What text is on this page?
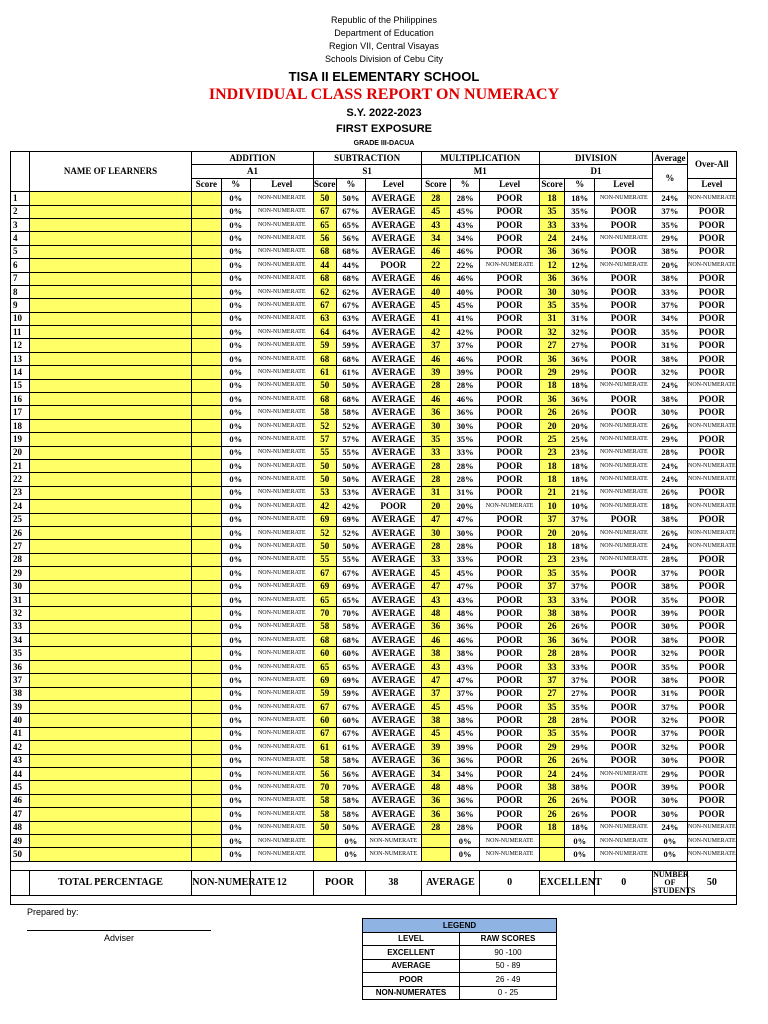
Republic of the Philippines
Department of Education
Region VII, Central Visayas
Schools Division of Cebu City
TISA II ELEMENTARY SCHOOL
INDIVIDUAL CLASS REPORT ON NUMERACY
S.Y. 2022-2023
FIRST EXPOSURE
GRADE III-DACUA
	NAME OF LEARNERS	ADDITION			SUBTRACTION			MULTIPLICATION			DIVISION			Average	Over-All
		A1			S1			M1			D1			%	
		Score	%	Level	Score	%	Level	Score	%	Level	Score	%	Level		Level
1			0%	NON-NUMERATE	50	50%	AVERAGE	28	28%	POOR	18	18%	NON-NUMERATE	24%	NON-NUMERATE
2			0%	NON-NUMERATE	67	67%	AVERAGE	45	45%	POOR	35	35%	POOR	37%	POOR
3			0%	NON-NUMERATE	65	65%	AVERAGE	43	43%	POOR	33	33%	POOR	35%	POOR
4			0%	NON-NUMERATE	56	56%	AVERAGE	34	34%	POOR	24	24%	NON-NUMERATE	29%	POOR
5			0%	NON-NUMERATE	68	68%	AVERAGE	46	46%	POOR	36	36%	POOR	38%	POOR
6			0%	NON-NUMERATE	44	44%	POOR	22	22%	NON-NUMERATE	12	12%	NON-NUMERATE	20%	NON-NUMERATE
7			0%	NON-NUMERATE	68	68%	AVERAGE	46	46%	POOR	36	36%	POOR	38%	POOR
8			0%	NON-NUMERATE	62	62%	AVERAGE	40	40%	POOR	30	30%	POOR	33%	POOR
9			0%	NON-NUMERATE	67	67%	AVERAGE	45	45%	POOR	35	35%	POOR	37%	POOR
10			0%	NON-NUMERATE	63	63%	AVERAGE	41	41%	POOR	31	31%	POOR	34%	POOR
11			0%	NON-NUMERATE	64	64%	AVERAGE	42	42%	POOR	32	32%	POOR	35%	POOR
12			0%	NON-NUMERATE	59	59%	AVERAGE	37	37%	POOR	27	27%	POOR	31%	POOR
13			0%	NON-NUMERATE	68	68%	AVERAGE	46	46%	POOR	36	36%	POOR	38%	POOR
14			0%	NON-NUMERATE	61	61%	AVERAGE	39	39%	POOR	29	29%	POOR	32%	POOR
15			0%	NON-NUMERATE	50	50%	AVERAGE	28	28%	POOR	18	18%	NON-NUMERATE	24%	NON-NUMERATE
16			0%	NON-NUMERATE	68	68%	AVERAGE	46	46%	POOR	36	36%	POOR	38%	POOR
17			0%	NON-NUMERATE	58	58%	AVERAGE	36	36%	POOR	26	26%	POOR	30%	POOR
18			0%	NON-NUMERATE	52	52%	AVERAGE	30	30%	POOR	20	20%	NON-NUMERATE	26%	NON-NUMERATE
19			0%	NON-NUMERATE	57	57%	AVERAGE	35	35%	POOR	25	25%	NON-NUMERATE	29%	POOR
20			0%	NON-NUMERATE	55	55%	AVERAGE	33	33%	POOR	23	23%	NON-NUMERATE	28%	POOR
21			0%	NON-NUMERATE	50	50%	AVERAGE	28	28%	POOR	18	18%	NON-NUMERATE	24%	NON-NUMERATE
22			0%	NON-NUMERATE	50	50%	AVERAGE	28	28%	POOR	18	18%	NON-NUMERATE	24%	NON-NUMERATE
23			0%	NON-NUMERATE	53	53%	AVERAGE	31	31%	POOR	21	21%	NON-NUMERATE	26%	POOR
24			0%	NON-NUMERATE	42	42%	POOR	20	20%	NON-NUMERATE	10	10%	NON-NUMERATE	18%	NON-NUMERATE
25			0%	NON-NUMERATE	69	69%	AVERAGE	47	47%	POOR	37	37%	POOR	38%	POOR
26			0%	NON-NUMERATE	52	52%	AVERAGE	30	30%	POOR	20	20%	NON-NUMERATE	26%	NON-NUMERATE
27			0%	NON-NUMERATE	50	50%	AVERAGE	28	28%	POOR	18	18%	NON-NUMERATE	24%	NON-NUMERATE
28			0%	NON-NUMERATE	55	55%	AVERAGE	33	33%	POOR	23	23%	NON-NUMERATE	28%	POOR
29			0%	NON-NUMERATE	67	67%	AVERAGE	45	45%	POOR	35	35%	POOR	37%	POOR
30			0%	NON-NUMERATE	69	69%	AVERAGE	47	47%	POOR	37	37%	POOR	38%	POOR
31			0%	NON-NUMERATE	65	65%	AVERAGE	43	43%	POOR	33	33%	POOR	35%	POOR
32			0%	NON-NUMERATE	70	70%	AVERAGE	48	48%	POOR	38	38%	POOR	39%	POOR
33			0%	NON-NUMERATE	58	58%	AVERAGE	36	36%	POOR	26	26%	POOR	30%	POOR
34			0%	NON-NUMERATE	68	68%	AVERAGE	46	46%	POOR	36	36%	POOR	38%	POOR
35			0%	NON-NUMERATE	60	60%	AVERAGE	38	38%	POOR	28	28%	POOR	32%	POOR
36			0%	NON-NUMERATE	65	65%	AVERAGE	43	43%	POOR	33	33%	POOR	35%	POOR
37			0%	NON-NUMERATE	69	69%	AVERAGE	47	47%	POOR	37	37%	POOR	38%	POOR
38			0%	NON-NUMERATE	59	59%	AVERAGE	37	37%	POOR	27	27%	POOR	31%	POOR
39			0%	NON-NUMERATE	67	67%	AVERAGE	45	45%	POOR	35	35%	POOR	37%	POOR
40			0%	NON-NUMERATE	60	60%	AVERAGE	38	38%	POOR	28	28%	POOR	32%	POOR
41			0%	NON-NUMERATE	67	67%	AVERAGE	45	45%	POOR	35	35%	POOR	37%	POOR
42			0%	NON-NUMERATE	61	61%	AVERAGE	39	39%	POOR	29	29%	POOR	32%	POOR
43			0%	NON-NUMERATE	58	58%	AVERAGE	36	36%	POOR	26	26%	POOR	30%	POOR
44			0%	NON-NUMERATE	56	56%	AVERAGE	34	34%	POOR	24	24%	NON-NUMERATE	29%	POOR
45			0%	NON-NUMERATE	70	70%	AVERAGE	48	48%	POOR	38	38%	POOR	39%	POOR
46			0%	NON-NUMERATE	58	58%	AVERAGE	36	36%	POOR	26	26%	POOR	30%	POOR
47			0%	NON-NUMERATE	58	58%	AVERAGE	36	36%	POOR	26	26%	POOR	30%	POOR
48			0%	NON-NUMERATE	50	50%	AVERAGE	28	28%	POOR	18	18%	NON-NUMERATE	24%	NON-NUMERATE
49			0%	NON-NUMERATE		0%	NON-NUMERATE		0%	NON-NUMERATE		0%	NON-NUMERATE	0%	NON-NUMERATE
50			0%	NON-NUMERATE		0%	NON-NUMERATE		0%	NON-NUMERATE		0%	NON-NUMERATE	0%	NON-NUMERATE

	TOTAL PERCENTAGE	NON-NUMERATE		12	POOR		38	AVERAGE		0	EXCELLENT		0	NUMBER OF STUDENTS	50

Prepared by:
Adviser
LEGEND	
LEVEL	RAW SCORES
EXCELLENT	90 -100
AVERAGE	50 - 89
POOR	26 - 49
NON-NUMERATES	0 - 25
